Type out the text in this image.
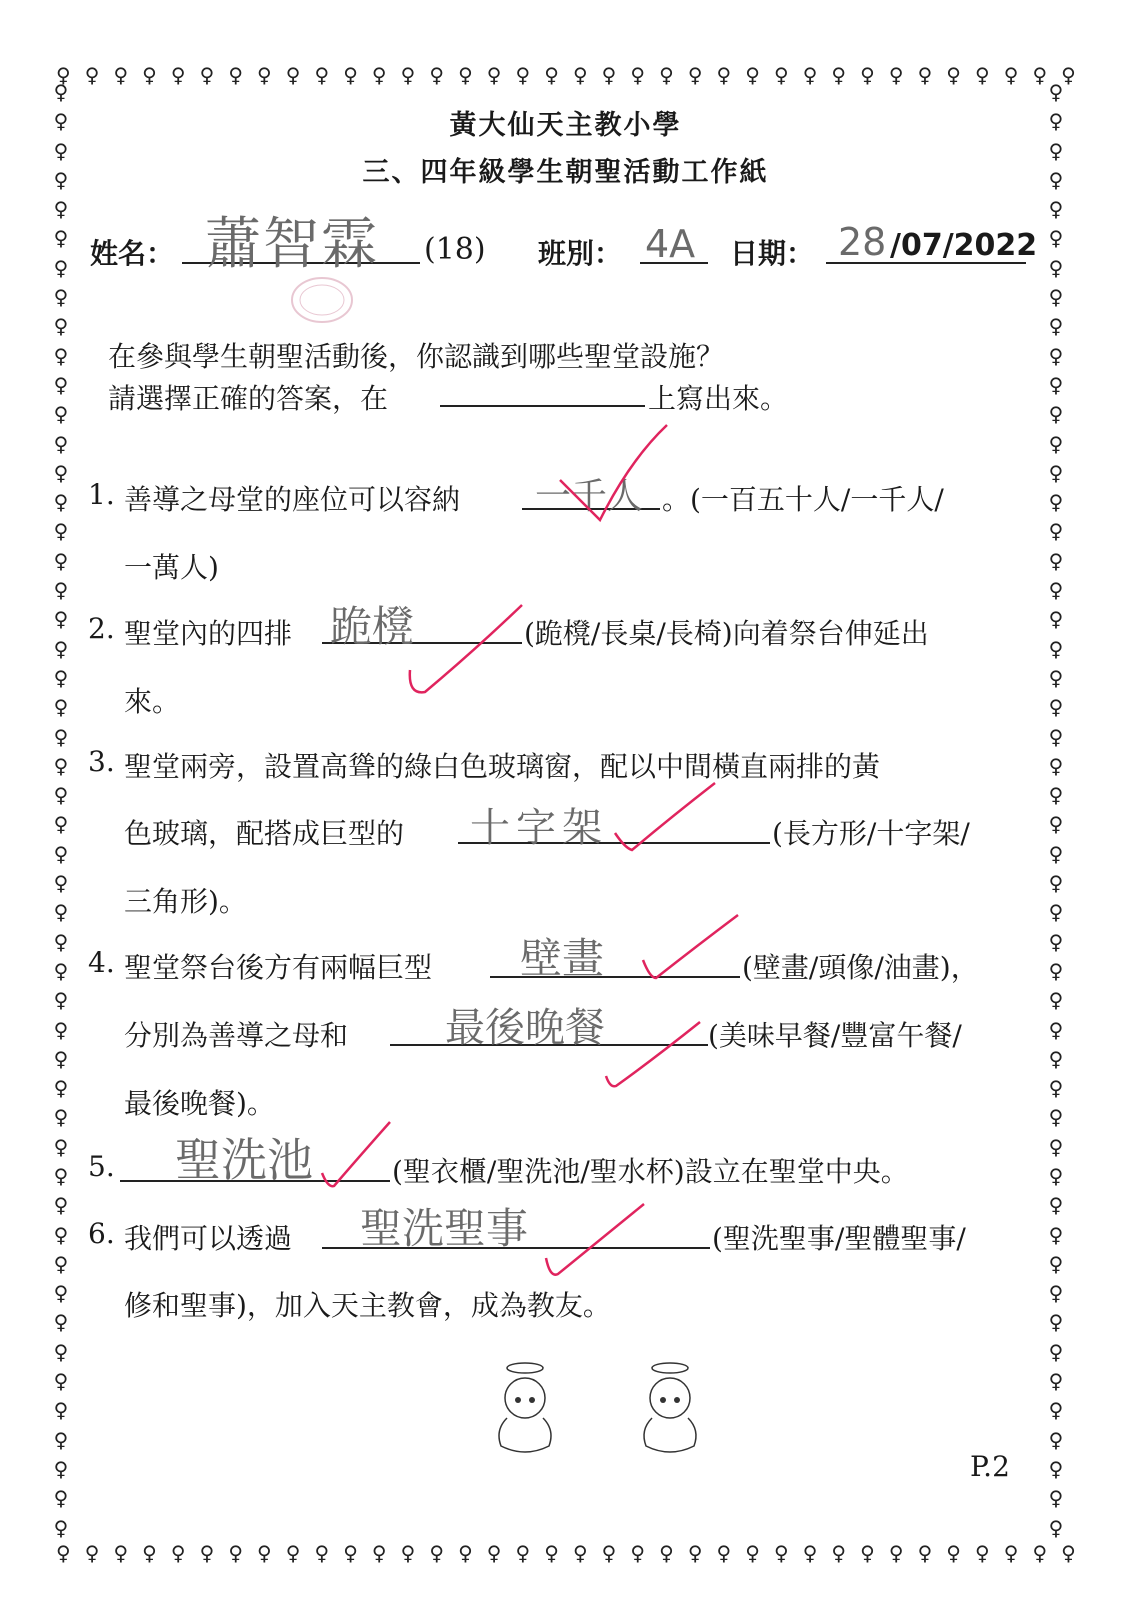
♀ ♀ ♀ ♀ ♀ ♀ ♀ ♀ ♀ ♀ ♀ ♀ ♀ ♀ ♀ ♀ ♀ ♀ ♀ ♀ ♀ ♀ ♀ ♀ ♀ ♀ ♀ ♀ ♀ ♀ ♀ ♀ ♀ ♀ ♀ ♀
♀ ♀ ♀ ♀ ♀ ♀ ♀ ♀ ♀ ♀ ♀ ♀ ♀ ♀ ♀ ♀ ♀ ♀ ♀ ♀ ♀ ♀ ♀ ♀ ♀ ♀ ♀ ♀ ♀ ♀ ♀ ♀ ♀ ♀ ♀ ♀
♀
♀
♀
♀
♀
♀
♀
♀
♀
♀
♀
♀
♀
♀
♀
♀
♀
♀
♀
♀
♀
♀
♀
♀
♀
♀
♀
♀
♀
♀
♀
♀
♀
♀
♀
♀
♀
♀
♀
♀
♀
♀
♀
♀
♀
♀
♀
♀
♀
♀
♀
♀
♀
♀
♀
♀
♀
♀
♀
♀
♀
♀
♀
♀
♀
♀
♀
♀
♀
♀
♀
♀
♀
♀
♀
♀
♀
♀
♀
♀
♀
♀
♀
♀
♀
♀
♀
♀
♀
♀
♀
♀
♀
♀
♀
♀
♀
♀
♀
♀
黃大仙天主教小學
三、四年級學生朝聖活動工作紙
姓名： 蕭智霖 (18) 班別： 4A 日期： 28 /07/2022
在參與學生朝聖活動後，你認識到哪些聖堂設施？
請選擇正確的答案，在	上寫出來。
1. 善導之母堂的座位可以容納 一千人 。(一百五十人/一千人/
一萬人)
2. 聖堂內的四排 跪櫈	(跪櫈/長桌/長椅)向着祭台伸延出
來。
3. 聖堂兩旁，設置高聳的綠白色玻璃窗，配以中間橫直兩排的黃
色玻璃，配搭成巨型的 十字架	(長方形/十字架/
三角形)。
4. 聖堂祭台後方有兩幅巨型 壁畫	(壁畫/頭像/油畫)，
分別為善導之母和 最後晚餐	(美味早餐/豐富午餐/
最後晚餐)。
5. 聖洗池	(聖衣櫃/聖洗池/聖水杯)設立在聖堂中央。
6. 我們可以透過 聖洗聖事	(聖洗聖事/聖體聖事/
修和聖事)，加入天主教會，成為教友。
P.2
